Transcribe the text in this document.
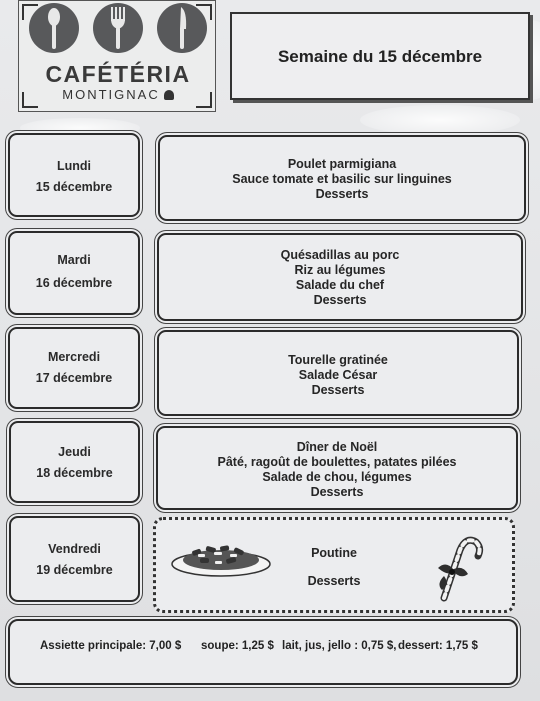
CAFÉTÉRIA
MONTIGNAC
Semaine du 15 décembre
Lundi
15 décembre
Poulet parmigiana
Sauce tomate et basilic sur linguines
Desserts
Mardi
16 décembre
Quésadillas au porc
Riz au légumes
Salade du chef
Desserts
Mercredi
17 décembre
Tourelle gratinée
Salade César
Desserts
Jeudi
18 décembre
Dîner de Noël
Pâté, ragoût de boulettes, patates pilées
Salade de chou, légumes
Desserts
Vendredi
19 décembre
Poutine
Desserts
Assiette principale: 7,00 $ soupe: 1,25 $ lait, jus, jello : 0,75 $, dessert: 1,75 $
